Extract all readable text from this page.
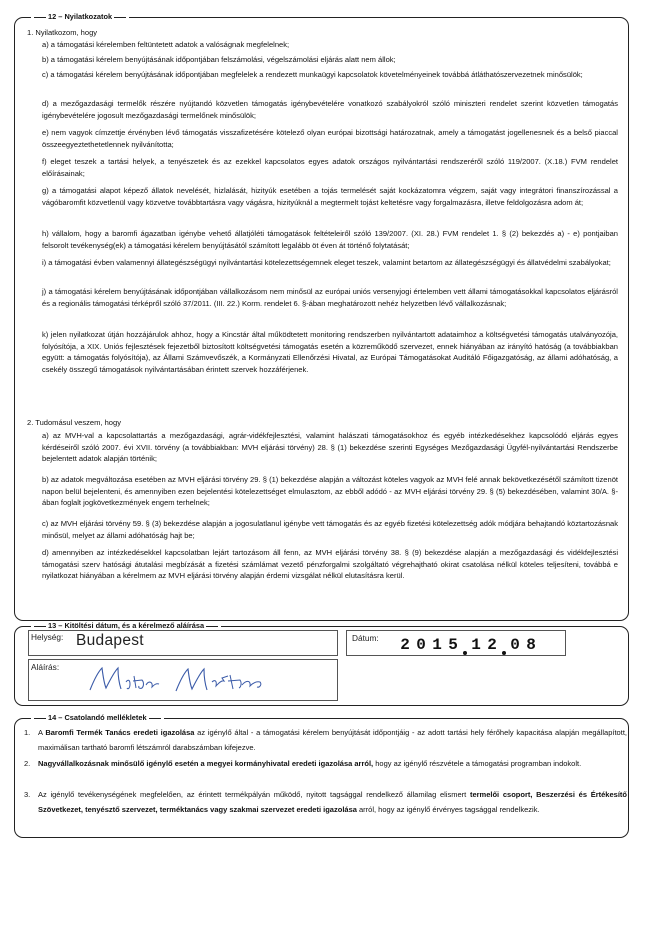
12 – Nyilatkozatok
1. Nyilatkozom, hogy
a) a támogatási kérelemben feltüntetett adatok a valóságnak megfelelnek;
b) a támogatási kérelem benyújtásának időpontjában felszámolási, végelszámolási eljárás alatt nem állok;
c) a támogatási kérelem benyújtásának időpontjában megfelelek a rendezett munkaügyi kapcsolatok követelményeinek továbbá átláthatószervezetnek minősülök;
d) a mezőgazdasági termelők részére nyújtandó közvetlen támogatás igénybevételére vonatkozó szabályokról szóló miniszteri rendelet szerint közvetlen támogatás igénybevételére jogosult mezőgazdasági termelőnek minősülök;
e) nem vagyok címzettje érvényben lévő támogatás visszafizetésére kötelező olyan európai bizottsági határozatnak, amely a támogatást jogellenesnek és a belső piaccal összeegyeztethetetlennek nyilvánította;
f) eleget teszek a tartási helyek, a tenyészetek és az ezekkel kapcsolatos egyes adatok országos nyilvántartási rendszeréről szóló 119/2007. (X.18.) FVM rendelet előírásainak;
g) a támogatási alapot képező állatok nevelését, hizlalását, hizityúk esetében a tojás termelését saját kockázatomra végzem, saját vagy integrátori finanszírozással a vágóbaromfit közvetlenül vagy közvetve továbbtartásra vagy vágásra, hizityúknál a megtermelt tojást keltetésre vagy forgalmazásra, illetve feldolgozásra adom át;
h) vállalom, hogy a baromfi ágazatban igénybe vehető állatjóléti támogatások feltételeiről szóló 139/2007. (XI. 28.) FVM rendelet 1. § (2) bekezdés a) - e) pontjaiban felsorolt tevékenység(ek) a támogatási kérelem benyújtásától számított legalább öt éven át történő folytatását;
i) a támogatási évben valamennyi állategészségügyi nyilvántartási kötelezettségemnek eleget teszek, valamint betartom az állategészségügyi és állatvédelmi szabályokat;
j) a támogatási kérelem benyújtásának időpontjában vállalkozásom nem minősül az európai uniós versenyjogi értelemben vett állami támogatásokkal kapcsolatos eljárásról és a regionális támogatási térképről szóló 37/2011. (III. 22.) Korm. rendelet 6. §-ában meghatározott nehéz helyzetben lévő vállalkozásnak;
k) jelen nyilatkozat útján hozzájárulok ahhoz, hogy a Kincstár által működtetett monitoring rendszerben nyilvántartott adataimhoz a költségvetési támogatás utalványozója, folyósítója, a XIX. Uniós fejlesztések fejezetből biztosított költségvetési támogatás esetén a közreműködő szervezet, ennek hiányában az irányító hatóság (a továbbiakban együtt: a támogatás folyósítója), az Állami Számvevőszék, a Kormányzati Ellenőrzési Hivatal, az Európai Támogatásokat Auditáló Főigazgatóság, az állami adóhatóság, a csekély összegű támogatások nyilvántartásában érintett szervek hozzáférjenek.
2. Tudomásul veszem, hogy
a) az MVH-val a kapcsolattartás a mezőgazdasági, agrár-vidékfejlesztési, valamint halászati támogatásokhoz és egyéb intézkedésekhez kapcsolódó eljárás egyes kérdéseiről szóló 2007. évi XVII. törvény (a továbbiakban: MVH eljárási törvény) 28. § (1) bekezdése szerinti Egységes Mezőgazdasági Ügyfél-nyilvántartási Rendszerbe bejelentett adatok alapján történik;
b) az adatok megváltozása esetében az MVH eljárási törvény 29. § (1) bekezdése alapján a változást köteles vagyok az MVH felé annak bekövetkezésétől számított tizenöt napon belül bejelenteni, és amennyiben ezen bejelentési kötelezettséget elmulasztom, az ebből adódó - az MVH eljárási törvény 29. § (5) bekezdésében, valamint 30/A. §-ában foglalt jogkövetkezmények engem terhelnek;
c) az MVH eljárási törvény 59. § (3) bekezdése alapján a jogosulatlanul igénybe vett támogatás és az egyéb fizetési kötelezettség adók módjára behajtandó köztartozásnak minősül, melyet az állami adóhatóság hajt be;
d) amennyiben az intézkedésekkel kapcsolatban lejárt tartozásom áll fenn, az MVH eljárási törvény 38. § (9) bekezdése alapján a mezőgazdasági és vidékfejlesztési támogatási szerv hatósági átutalási megbízását a fizetési számlámat vezető pénzforgalmi szolgáltató végrehajtható okirat csatolása nélkül köteles teljesíteni, továbbá e nyilatkozat hiányában a kérelmem az MVH eljárási törvény alapján érdemi vizsgálat nélkül elutasításra kerül.
13 – Kitöltési dátum, és a kérelmező aláírása
Helység: Budapest	Dátum: 2 0 1 5 1 2 0 8
Aláírás:
14 – Csatolandó mellékletek
1. A Baromfi Termék Tanács eredeti igazolása az igénylő által - a támogatási kérelem benyújtását időpontjáig - az adott tartási hely férőhely kapacitása alapján megállapított, maximálisan tartható baromfi létszámról darabszámban kifejezve.
2. Nagyvállalkozásnak minősülő igénylő esetén a megyei kormányhivatal eredeti igazolása arról, hogy az igénylő részvétele a támogatási programban indokolt.
3. Az igénylő tevékenységének megfelelően, az érintett termékpályán működő, nyitott tagsággal rendelkező államilag elismert termelői csoport, Beszerzési és Értékesítő Szövetkezet, tenyésztő szervezet, terméktanács vagy szakmai szervezet eredeti igazolása arról, hogy az igénylő érvényes tagsággal rendelkezik.
